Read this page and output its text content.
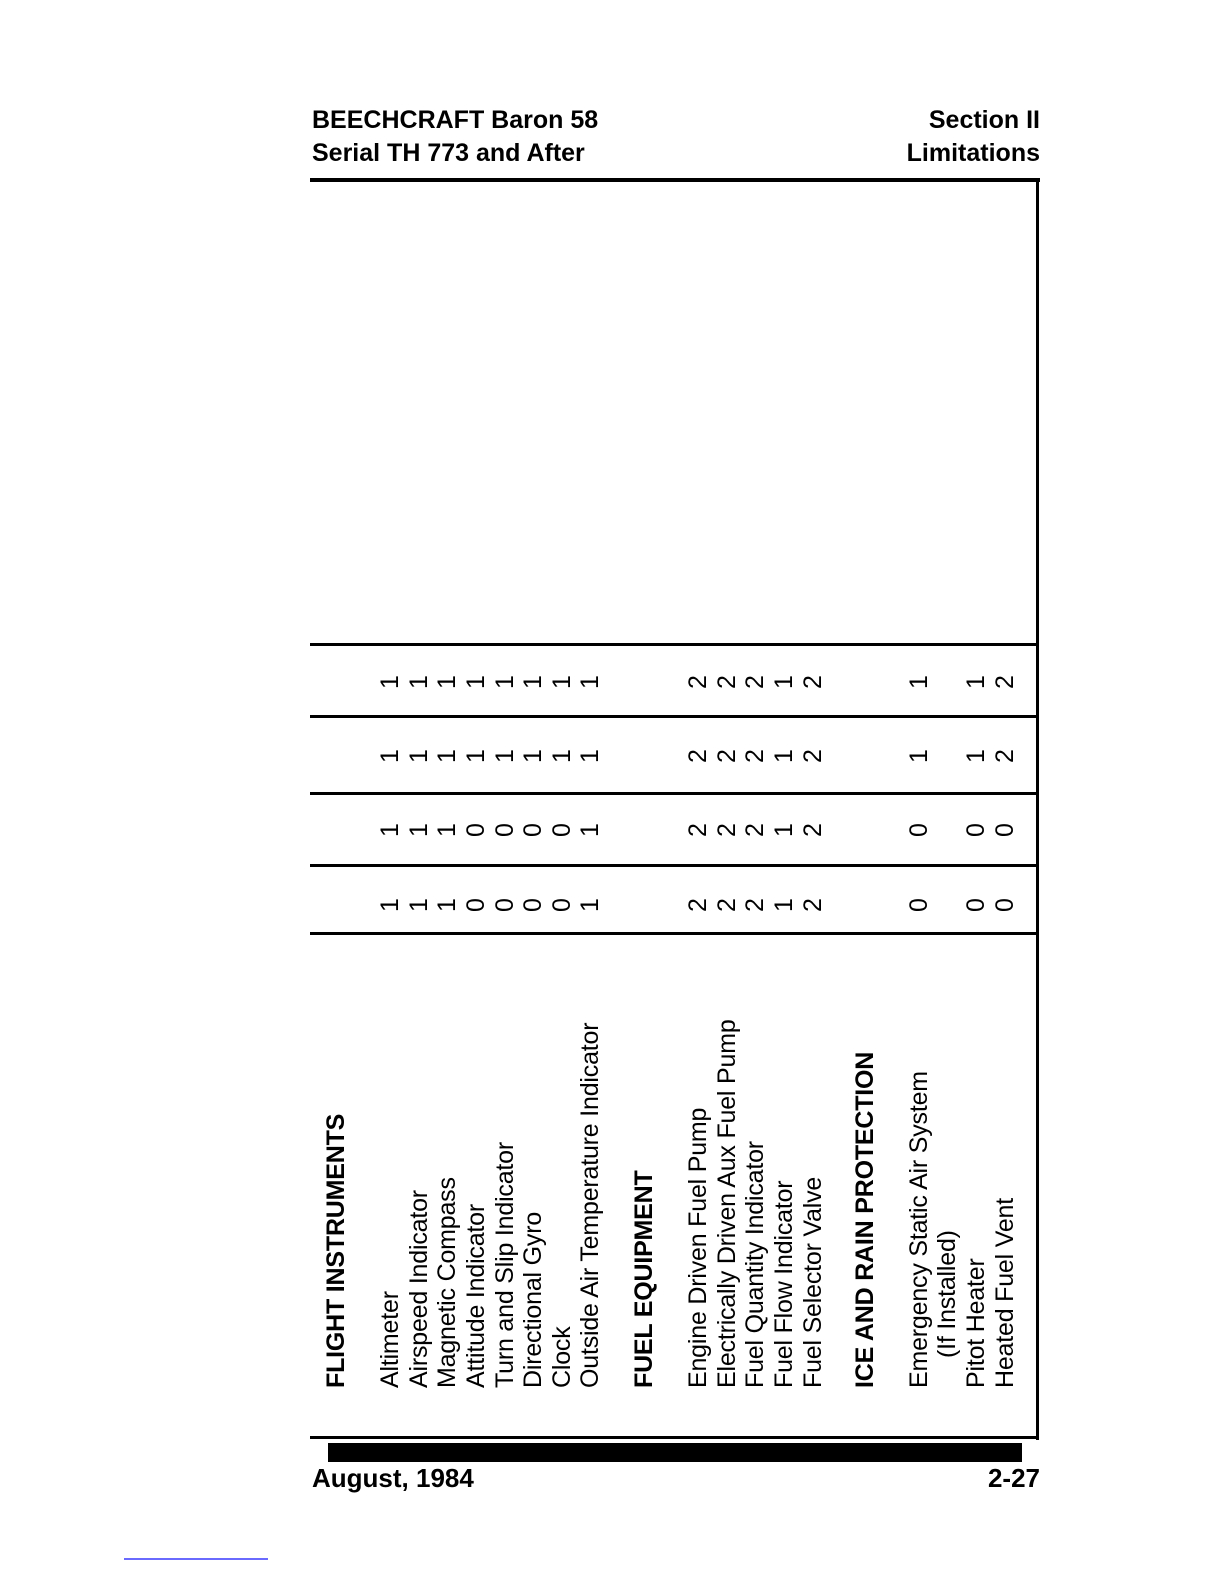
BEECHCRAFT Baron 58
Serial TH 773 and After
Section II
Limitations
FLIGHT INSTRUMENTS Altimeter
1
1
1
1
Airspeed Indicator
1
1
1
1
Magnetic Compass
1
1
1
1
Attitude Indicator
0
0
1
1
Turn and Slip Indicator
0
0
1
1
Directional Gyro
0
0
1
1
Clock
0
0
1
1
Outside Air Temperature Indicator
1
1
1
1
FUEL EQUIPMENT Engine Driven Fuel Pump
2
2
2
2
Electrically Driven Aux Fuel Pump
2
2
2
2
Fuel Quantity Indicator
2
2
2
2
Fuel Flow Indicator
1
1
1
1
Fuel Selector Valve
2
2
2
2
ICE AND RAIN PROTECTION Emergency Static Air System
0
0
1
1
(If Installed) Pitot Heater
0
0
1
1
Heated Fuel Vent
0
0
2
2
August, 1984	2-27
